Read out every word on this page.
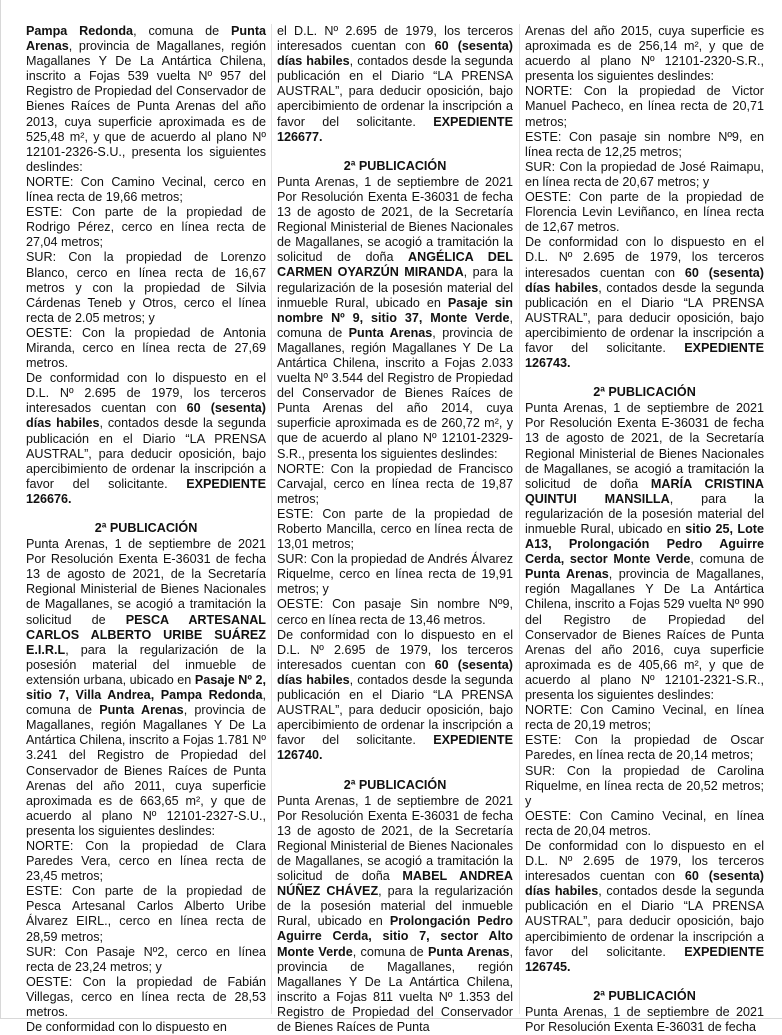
Pampa Redonda, comuna de Punta Arenas, provincia de Magallanes, región Magallanes Y De La Antártica Chilena, inscrito a Fojas 539 vuelta Nº 957 del Registro de Propiedad del Conservador de Bienes Raíces de Punta Arenas del año 2013, cuya superficie aproximada es de 525,48 m², y que de acuerdo al plano Nº 12101-2326-S.U., presenta los siguientes deslindes:

NORTE: Con Camino Vecinal, cerco en línea recta de 19,66 metros;

ESTE: Con parte de la propiedad de Rodrigo Pérez, cerco en línea recta de 27,04 metros;

SUR: Con la propiedad de Lorenzo Blanco, cerco en línea recta de 16,67 metros y con la propiedad de Silvia Cárdenas Teneb y Otros, cerco el línea recta de 2.05 metros; y

OESTE: Con la propiedad de Antonia Miranda, cerco en línea recta de 27,69 metros.

De conformidad con lo dispuesto en el D.L. Nº 2.695 de 1979, los terceros interesados cuentan con 60 (sesenta) días habiles, contados desde la segunda publicación en el Diario “LA PRENSA AUSTRAL”, para deducir oposición, bajo apercibimiento de ordenar la inscripción a favor del solicitante. EXPEDIENTE 126676.

2ª PUBLICACIÓN

Punta Arenas, 1 de septiembre de 2021 Por Resolución Exenta E-36031 de fecha 13 de agosto de 2021, de la Secretaría Regional Ministerial de Bienes Nacionales de Magallanes, se acogió a tramitación la solicitud de PESCA ARTESANAL CARLOS ALBERTO URIBE SUÁREZ E.I.R.L, para la regularización de la posesión material del inmueble de extensión urbana, ubicado en Pasaje Nº 2, sitio 7, Villa Andrea, Pampa Redonda, comuna de Punta Arenas, provincia de Magallanes, región Magallanes Y De La Antártica Chilena, inscrito a Fojas 1.781 Nº 3.241 del Registro de Propiedad del Conservador de Bienes Raíces de Punta Arenas del año 2011, cuya superficie aproximada es de 663,65 m², y que de acuerdo al plano Nº 12101-2327-S.U., presenta los siguientes deslindes:

NORTE: Con la propiedad de Clara Paredes Vera, cerco en línea recta de 23,45 metros;

ESTE: Con parte de la propiedad de Pesca Artesanal Carlos Alberto Uribe Álvarez EIRL., cerco en línea recta de 28,59 metros;

SUR: Con Pasaje Nº2, cerco en línea recta de 23,24 metros; y

OESTE: Con la propiedad de Fabián Villegas, cerco en línea recta de 28,53 metros.

De conformidad con lo dispuesto en

el D.L. Nº 2.695 de 1979, los terceros interesados cuentan con 60 (sesenta) días habiles, contados desde la segunda publicación en el Diario “LA PRENSA AUSTRAL”, para deducir oposición, bajo apercibimiento de ordenar la inscripción a favor del solicitante. EXPEDIENTE 126677.

2ª PUBLICACIÓN

Punta Arenas, 1 de septiembre de 2021 Por Resolución Exenta E-36031 de fecha 13 de agosto de 2021, de la Secretaría Regional Ministerial de Bienes Nacionales de Magallanes, se acogió a tramitación la solicitud de doña ANGÉLICA DEL CARMEN OYARZÚN MIRANDA, para la regularización de la posesión material del inmueble Rural, ubicado en Pasaje sin nombre Nº 9, sitio 37, Monte Verde, comuna de Punta Arenas, provincia de Magallanes, región Magallanes Y De La Antártica Chilena, inscrito a Fojas 2.033 vuelta Nº 3.544 del Registro de Propiedad del Conservador de Bienes Raíces de Punta Arenas del año 2014, cuya superficie aproximada es de 260,72 m², y que de acuerdo al plano Nº 12101-2329-S.R., presenta los siguientes deslindes:

NORTE: Con la propiedad de Francisco Carvajal, cerco en línea recta de 19,87 metros;

ESTE: Con parte de la propiedad de Roberto Mancilla, cerco en línea recta de 13,01 metros;

SUR: Con la propiedad de Andrés Álvarez Riquelme, cerco en línea recta de 19,91 metros; y

OESTE: Con pasaje Sin nombre Nº9, cerco en línea recta de 13,46 metros.

De conformidad con lo dispuesto en el D.L. Nº 2.695 de 1979, los terceros interesados cuentan con 60 (sesenta) días habiles, contados desde la segunda publicación en el Diario “LA PRENSA AUSTRAL”, para deducir oposición, bajo apercibimiento de ordenar la inscripción a favor del solicitante. EXPEDIENTE 126740.

2ª PUBLICACIÓN

Punta Arenas, 1 de septiembre de 2021 Por Resolución Exenta E-36031 de fecha 13 de agosto de 2021, de la Secretaría Regional Ministerial de Bienes Nacionales de Magallanes, se acogió a tramitación la solicitud de doña MABEL ANDREA NÚÑEZ CHÁVEZ, para la regularización de la posesión material del inmueble Rural, ubicado en Prolongación Pedro Aguirre Cerda, sitio 7, sector Alto Monte Verde, comuna de Punta Arenas, provincia de Magallanes, región Magallanes Y De La Antártica Chilena, inscrito a Fojas 811 vuelta Nº 1.353 del Registro de Propiedad del Conservador de Bienes Raíces de Punta

Arenas del año 2015, cuya superficie es aproximada es de 256,14 m², y que de acuerdo al plano Nº 12101-2320-S.R., presenta los siguientes deslindes:

NORTE: Con la propiedad de Victor Manuel Pacheco, en línea recta de 20,71 metros;

ESTE: Con pasaje sin nombre Nº9, en línea recta de 12,25 metros;

SUR: Con la propiedad de José Raimapu, en línea recta de 20,67 metros; y

OESTE: Con parte de la propiedad de Florencia Levin Leviñanco, en línea recta de 12,67 metros.

De conformidad con lo dispuesto en el D.L. Nº 2.695 de 1979, los terceros interesados cuentan con 60 (sesenta) días habiles, contados desde la segunda publicación en el Diario “LA PRENSA AUSTRAL”, para deducir oposición, bajo apercibimiento de ordenar la inscripción a favor del solicitante. EXPEDIENTE 126743.

2ª PUBLICACIÓN

Punta Arenas, 1 de septiembre de 2021 Por Resolución Exenta E-36031 de fecha 13 de agosto de 2021, de la Secretaría Regional Ministerial de Bienes Nacionales de Magallanes, se acogió a tramitación la solicitud de doña MARÍA CRISTINA QUINTUI MANSILLA, para la regularización de la posesión material del inmueble Rural, ubicado en sitio 25, Lote A13, Prolongación Pedro Aguirre Cerda, sector Monte Verde, comuna de Punta Arenas, provincia de Magallanes, región Magallanes Y De La Antártica Chilena, inscrito a Fojas 529 vuelta Nº 990 del Registro de Propiedad del Conservador de Bienes Raíces de Punta Arenas del año 2016, cuya superficie aproximada es de 405,66 m², y que de acuerdo al plano Nº 12101-2321-S.R., presenta los siguientes deslindes:

NORTE: Con Camino Vecinal, en línea recta de 20,19 metros;

ESTE: Con la propiedad de Oscar Paredes, en línea recta de 20,14 metros;

SUR: Con la propiedad de Carolina Riquelme, en línea recta de 20,52 metros; y

OESTE: Con Camino Vecinal, en línea recta de 20,04 metros.

De conformidad con lo dispuesto en el D.L. Nº 2.695 de 1979, los terceros interesados cuentan con 60 (sesenta) días habiles, contados desde la segunda publicación en el Diario “LA PRENSA AUSTRAL”, para deducir oposición, bajo apercibimiento de ordenar la inscripción a favor del solicitante. EXPEDIENTE 126745.

2ª PUBLICACIÓN

Punta Arenas, 1 de septiembre de 2021 Por Resolución Exenta E-36031 de fecha
